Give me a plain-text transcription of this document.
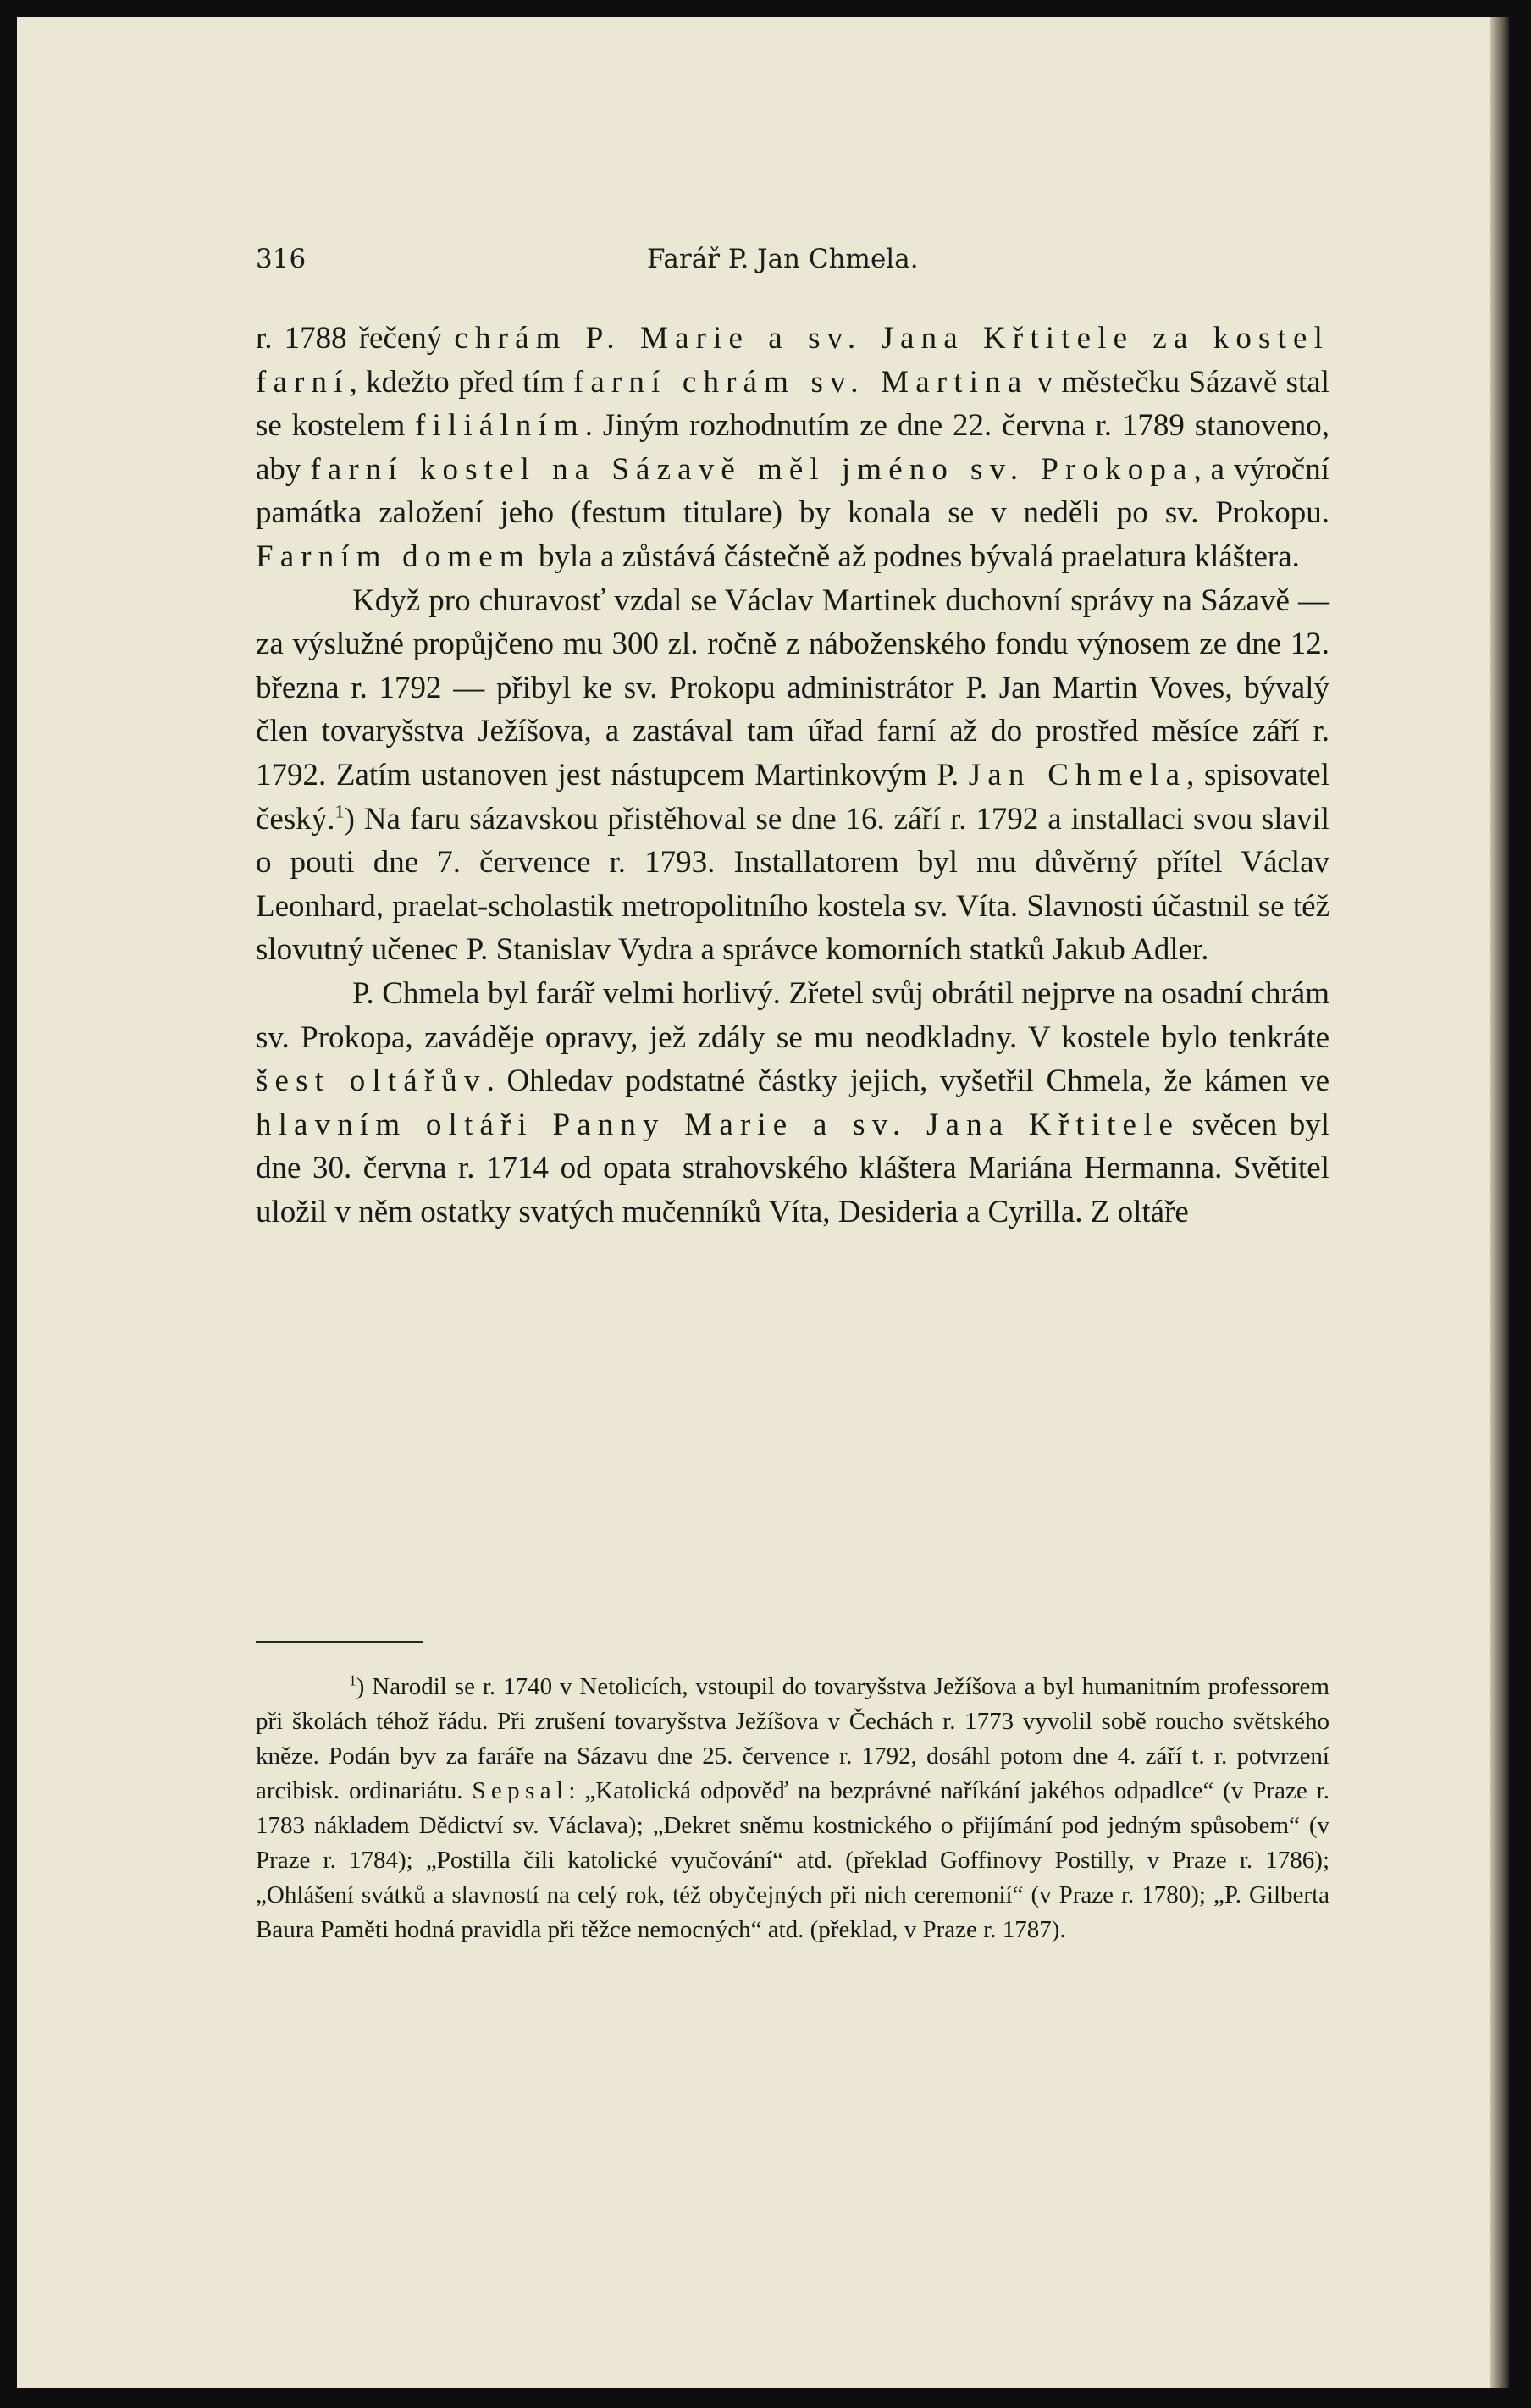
316	Farář P. Jan Chmela.

r. 1788 řečený chrám P. Marie a sv. Jana Křtitele za kostel farní, kdežto před tím farní chrám sv. Martina v městečku Sázavě stal se kostelem filiálním. Jiným rozhodnutím ze dne 22. června r. 1789 stanoveno, aby farní kostel na Sázavě měl jméno sv. Prokopa, a výroční památka založení jeho (festum titulare) by konala se v neděli po sv. Prokopu. Farním domem byla a zůstává částečně až podnes bývalá praelatura kláštera.

Když pro churavosť vzdal se Václav Martinek duchovní správy na Sázavě — za výslužné propůjčeno mu 300 zl. ročně z náboženského fondu výnosem ze dne 12. března r. 1792 — přibyl ke sv. Prokopu administrátor P. Jan Martin Voves, bývalý člen tovaryšstva Ježíšova, a zastával tam úřad farní až do prostřed měsíce září r. 1792. Zatím ustanoven jest nástupcem Martinkovým P. Jan Chmela, spisovatel český.$^1$) Na faru sázavskou přistěhoval se dne 16. září r. 1792 a installaci svou slavil o pouti dne 7. července r. 1793. Installatorem byl mu důvěrný přítel Václav Leonhard, praelat-scholastik metropolitního kostela sv. Víta. Slavnosti účastnil se též slovutný učenec P. Stanislav Vydra a správce komorních statků Jakub Adler.

P. Chmela byl farář velmi horlivý. Zřetel svůj obrátil nejprve na osadní chrám sv. Prokopa, zaváděje opravy, jež zdály se mu neodkladny. V kostele bylo tenkráte šest oltářův. Ohledav podstatné částky jejich, vyšetřil Chmela, že kámen ve hlavním oltáři Panny Marie a sv. Jana Křtitele svěcen byl dne 30. června r. 1714 od opata strahovského kláštera Mariána Hermanna. Světitel uložil v něm ostatky svatých mučenníků Víta, Desideria a Cyrilla. Z oltáře

$^1$) Narodil se r. 1740 v Netolicích, vstoupil do tovaryšstva Ježíšova a byl humanitním professorem při školách téhož řádu. Při zrušení tovaryšstva Ježíšova v Čechách r. 1773 vyvolil sobě roucho světského kněze. Podán byv za faráře na Sázavu dne 25. července r. 1792, dosáhl potom dne 4. září t. r. potvrzení arcibisk. ordinariátu. Sepsal: „Katolická odpověď na bezprávné naříkání jakéhos odpadlce“ (v Praze r. 1783 nákladem Dědictví sv. Václava); „Dekret sněmu kostnického o přijímání pod jedným spůsobem“ (v Praze r. 1784); „Postilla čili katolické vyučování“ atd. (překlad Goffinovy Postilly, v Praze r. 1786); „Ohlášení svátků a slavností na celý rok, též obyčejných při nich ceremonií“ (v Praze r. 1780); „P. Gilberta Baura Paměti hodná pravidla při těžce nemocných“ atd. (překlad, v Praze r. 1787).
